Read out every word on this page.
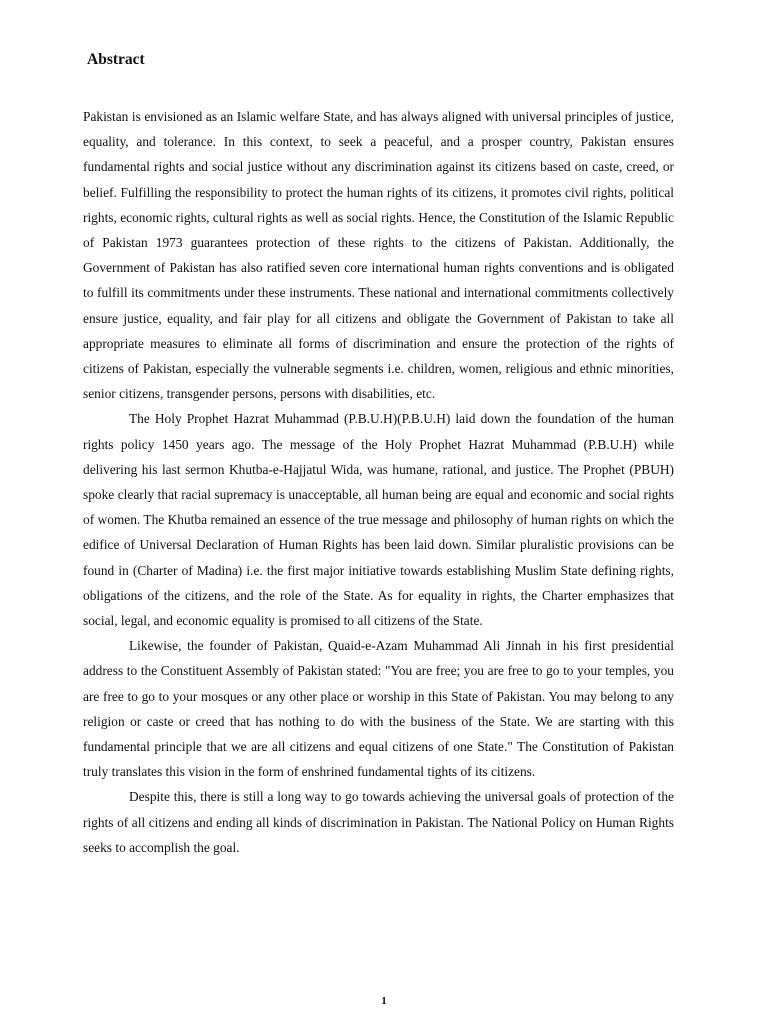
Abstract

Pakistan is envisioned as an Islamic welfare State, and has always aligned with universal principles of justice, equality, and tolerance. In this context, to seek a peaceful, and a prosper country, Pakistan ensures fundamental rights and social justice without any discrimination against its citizens based on caste, creed, or belief. Fulfilling the responsibility to protect the human rights of its citizens, it promotes civil rights, political rights, economic rights, cultural rights as well as social rights. Hence, the Constitution of the Islamic Republic of Pakistan 1973 guarantees protection of these rights to the citizens of Pakistan. Additionally, the Government of Pakistan has also ratified seven core international human rights conventions and is obligated to fulfill its commitments under these instruments. These national and international commitments collectively ensure justice, equality, and fair play for all citizens and obligate the Government of Pakistan to take all appropriate measures to eliminate all forms of discrimination and ensure the protection of the rights of citizens of Pakistan, especially the vulnerable segments i.e. children, women, religious and ethnic minorities, senior citizens, transgender persons, persons with disabilities, etc.

The Holy Prophet Hazrat Muhammad (P.B.U.H)(P.B.U.H) laid down the foundation of the human rights policy 1450 years ago. The message of the Holy Prophet Hazrat Muhammad (P.B.U.H) while delivering his last sermon Khutba-e-Hajjatul Wida, was humane, rational, and justice. The Prophet (PBUH) spoke clearly that racial supremacy is unacceptable, all human being are equal and economic and social rights of women. The Khutba remained an essence of the true message and philosophy of human rights on which the edifice of Universal Declaration of Human Rights has been laid down. Similar pluralistic provisions can be found in (Charter of Madina) i.e. the first major initiative towards establishing Muslim State defining rights, obligations of the citizens, and the role of the State. As for equality in rights, the Charter emphasizes that social, legal, and economic equality is promised to all citizens of the State.

Likewise, the founder of Pakistan, Quaid-e-Azam Muhammad Ali Jinnah in his first presidential address to the Constituent Assembly of Pakistan stated: "You are free; you are free to go to your temples, you are free to go to your mosques or any other place or worship in this State of Pakistan. You may belong to any religion or caste or creed that has nothing to do with the business of the State. We are starting with this fundamental principle that we are all citizens and equal citizens of one State." The Constitution of Pakistan truly translates this vision in the form of enshrined fundamental tights of its citizens.

Despite this, there is still a long way to go towards achieving the universal goals of protection of the rights of all citizens and ending all kinds of discrimination in Pakistan. The National Policy on Human Rights seeks to accomplish the goal.

1
